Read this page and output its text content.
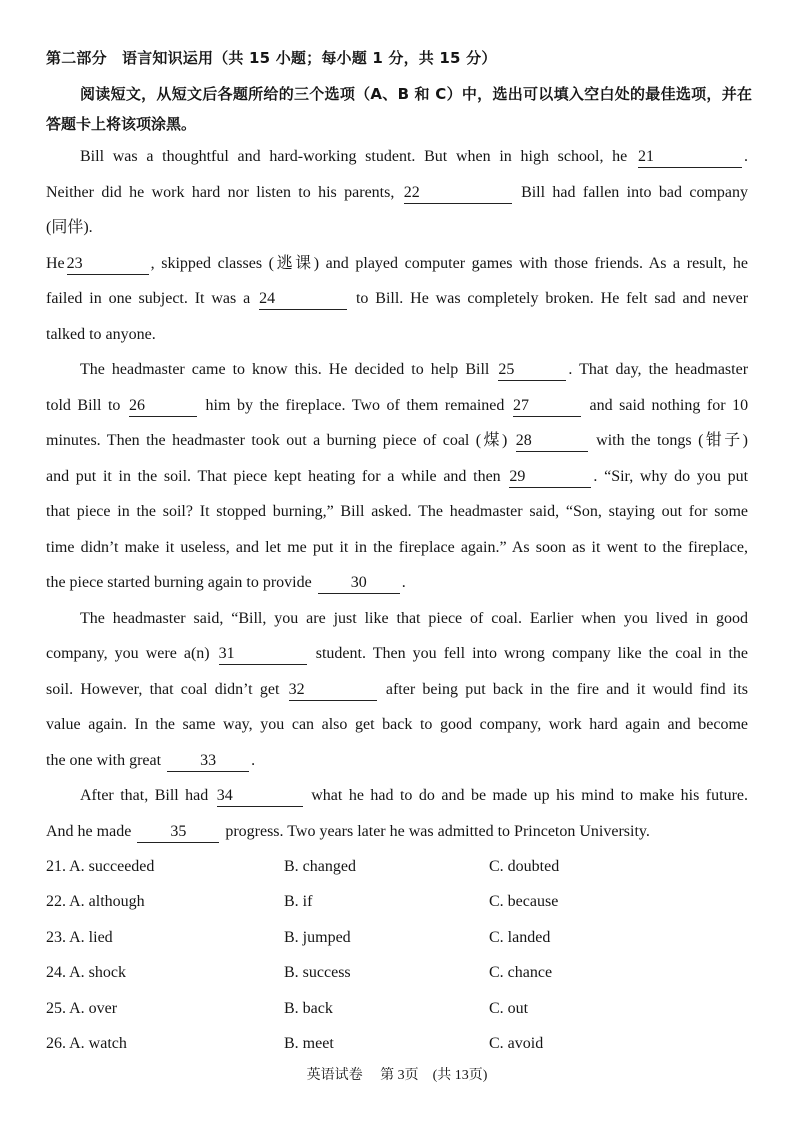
第二部分　语言知识运用（共 15 小题；每小题 1 分，共 15 分）
阅读短文，从短文后各题所给的三个选项（A、B 和 C）中，选出可以填入空白处的最佳选项，并在答题卡上将该项涂黑。
Bill was a thoughtful and hard-working student. But when in high school, he 21	.
Neither did he work hard nor listen to his parents, 22	Bill had fallen into bad company
(同伴).
He 23	, skipped classes (逃课) and played computer games with those friends. As a result, he
failed in one subject. It was a 24	to Bill. He was completely broken. He felt sad and never
talked to anyone.
The headmaster came to know this. He decided to help Bill 25	. That day, the headmaster
told Bill to 26	him by the fireplace. Two of them remained 27	and said nothing for 10
minutes. Then the headmaster took out a burning piece of coal (煤) 28	with the tongs (钳子)
and put it in the soil. That piece kept heating for a while and then 29	. “Sir, why do you put
that piece in the soil? It stopped burning,” Bill asked. The headmaster said, “Son, staying out for some
time didn’t make it useless, and let me put it in the fireplace again.” As soon as it went to the fireplace,
the piece started burning again to provide 30 .
The headmaster said, “Bill, you are just like that piece of coal. Earlier when you lived in good
company, you were a(n) 31	student. Then you fell into wrong company like the coal in the
soil. However, that coal didn’t get 32	after being put back in the fire and it would find its
value again. In the same way, you can also get back to good company, work hard again and become
the one with great 33 .
After that, Bill had 34	what he had to do and be made up his mind to make his future.
And he made 35 progress. Two years later he was admitted to Princeton University.
21. A. succeeded	B. changed	C. doubted
22. A. although	B. if	C. because
23. A. lied	B. jumped	C. landed
24. A. shock	B. success	C. chance
25. A. over	B. back	C. out
26. A. watch	B. meet	C. avoid
英语试卷　 第 3页　(共 13页)
